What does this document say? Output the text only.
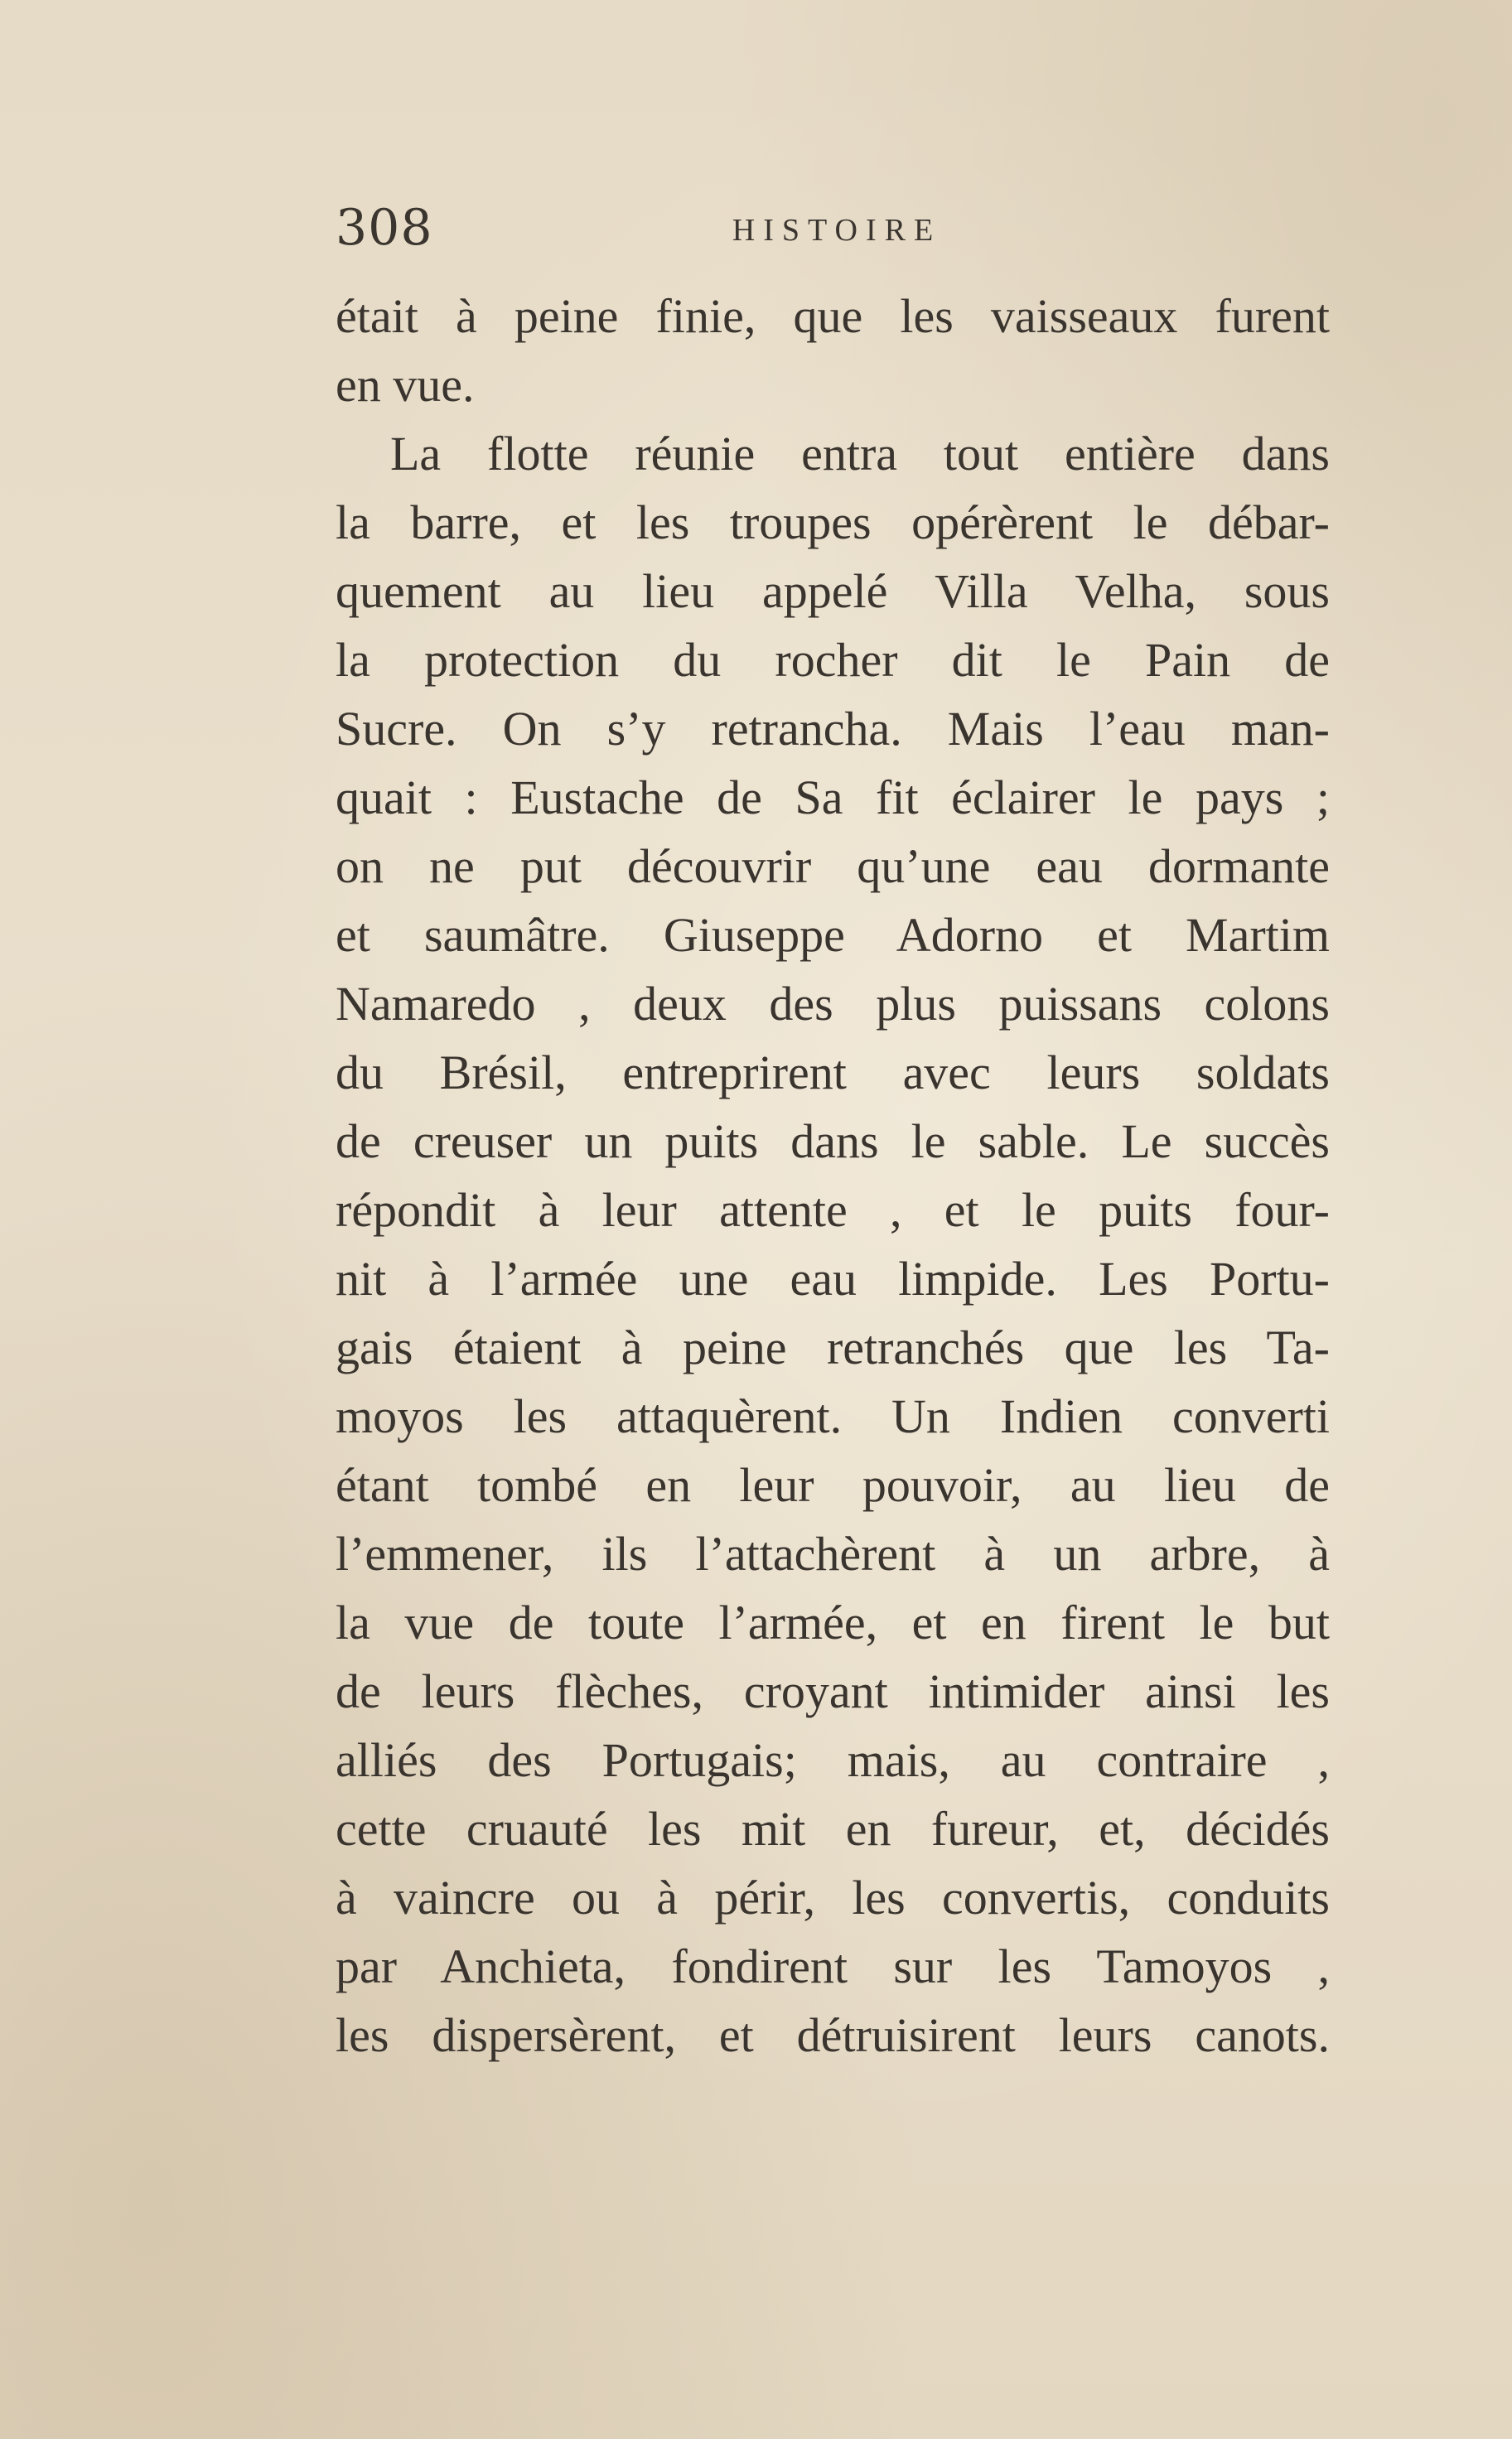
308	HISTOIRE
était à peine finie, que les vaisseaux furent
en vue.
La flotte réunie entra tout entière dans
la barre, et les troupes opérèrent le débar-
quement au lieu appelé Villa Velha, sous
la protection du rocher dit le Pain de
Sucre. On s’y retrancha. Mais l’eau man-
quait : Eustache de Sa fit éclairer le pays ;
on ne put découvrir qu’une eau dormante
et saumâtre. Giuseppe Adorno et Martim
Namaredo , deux des plus puissans colons
du Brésil, entreprirent avec leurs soldats
de creuser un puits dans le sable. Le succès
répondit à leur attente , et le puits four-
nit à l’armée une eau limpide. Les Portu-
gais étaient à peine retranchés que les Ta-
moyos les attaquèrent. Un Indien converti
étant tombé en leur pouvoir, au lieu de
l’emmener, ils l’attachèrent à un arbre, à
la vue de toute l’armée, et en firent le but
de leurs flèches, croyant intimider ainsi les
alliés des Portugais; mais, au contraire ,
cette cruauté les mit en fureur, et, décidés
à vaincre ou à périr, les convertis, conduits
par Anchieta, fondirent sur les Tamoyos ,
les dispersèrent, et détruisirent leurs canots.
